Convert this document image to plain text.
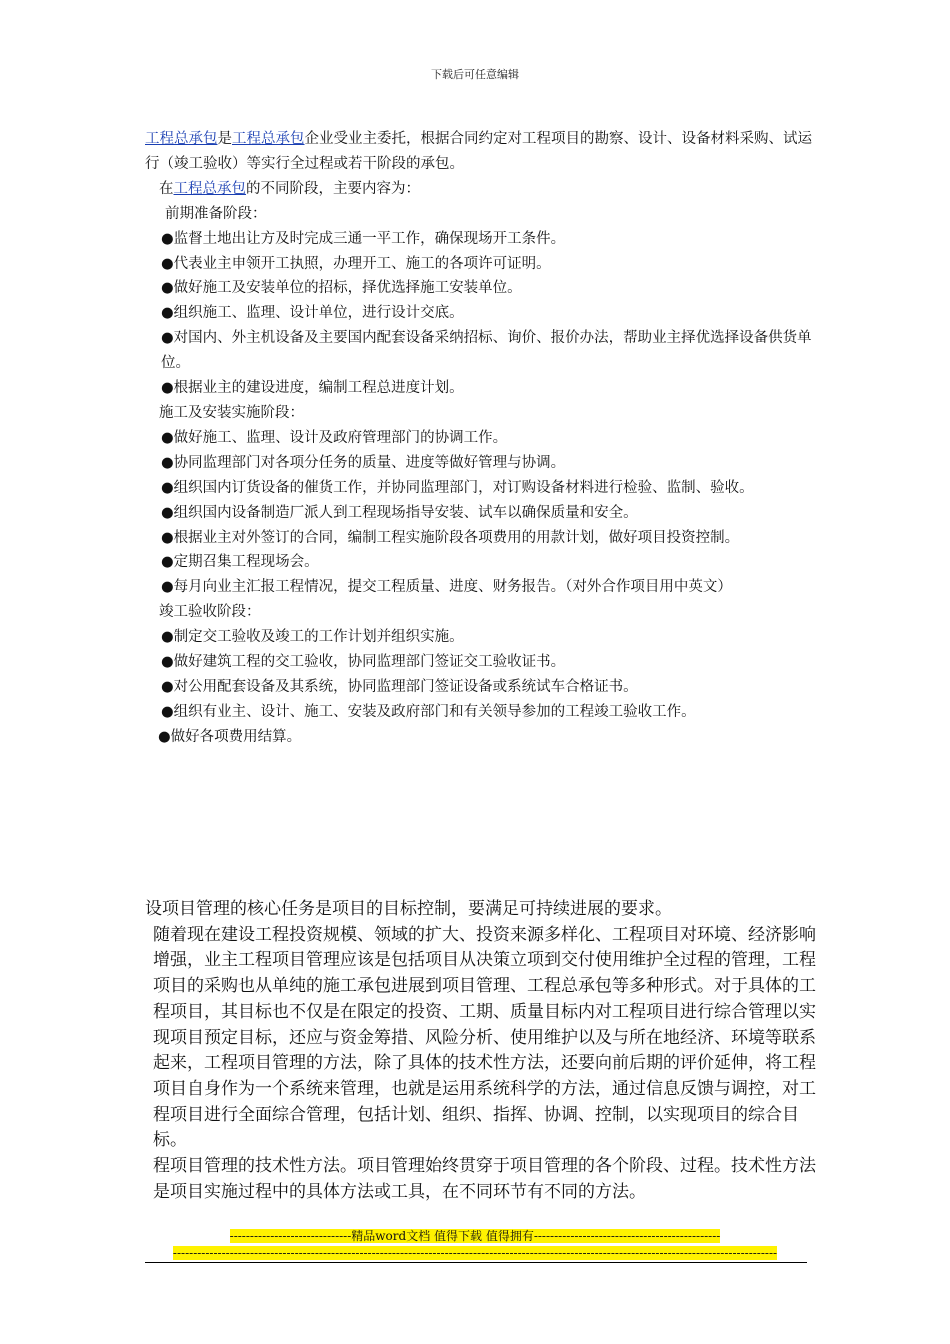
下载后可任意编辑

工程总承包是工程总承包企业受业主委托，根据合同约定对工程项目的勘察、设计、设备材料采购、试运行（竣工验收）等实行全过程或若干阶段的承包。

在工程总承包的不同阶段，主要内容为：

前期准备阶段：

●监督土地出让方及时完成三通一平工作，确保现场开工条件。

●代表业主申领开工执照，办理开工、施工的各项许可证明。

●做好施工及安装单位的招标，择优选择施工安装单位。

●组织施工、监理、设计单位，进行设计交底。

●对国内、外主机设备及主要国内配套设备采纳招标、询价、报价办法，帮助业主择优选择设备供货单位。

●根据业主的建设进度，编制工程总进度计划。

施工及安装实施阶段：

●做好施工、监理、设计及政府管理部门的协调工作。

●协同监理部门对各项分任务的质量、进度等做好管理与协调。

●组织国内订货设备的催货工作，并协同监理部门，对订购设备材料进行检验、监制、验收。

●组织国内设备制造厂派人到工程现场指导安装、试车以确保质量和安全。

●根据业主对外签订的合同，编制工程实施阶段各项费用的用款计划，做好项目投资控制。

●定期召集工程现场会。

●每月向业主汇报工程情况，提交工程质量、进度、财务报告。（对外合作项目用中英文）

竣工验收阶段：

●制定交工验收及竣工的工作计划并组织实施。

●做好建筑工程的交工验收，协同监理部门签证交工验收证书。

●对公用配套设备及其系统，协同监理部门签证设备或系统试车合格证书。

●组织有业主、设计、施工、安装及政府部门和有关领导参加的工程竣工验收工作。

●做好各项费用结算。

设项目管理的核心任务是项目的目标控制，要满足可持续进展的要求。

随着现在建设工程投资规模、领域的扩大、投资来源多样化、工程项目对环境、经济影响增强，业主工程项目管理应该是包括项目从决策立项到交付使用维护全过程的管理，工程项目的采购也从单纯的施工承包进展到项目管理、工程总承包等多种形式。对于具体的工程项目，其目标也不仅是在限定的投资、工期、质量目标内对工程项目进行综合管理以实现项目预定目标，还应与资金筹措、风险分析、使用维护以及与所在地经济、环境等联系起来，工程项目管理的方法，除了具体的技术性方法，还要向前后期的评价延伸，将工程项目自身作为一个系统来管理，也就是运用系统科学的方法，通过信息反馈与调控，对工程项目进行全面综合管理，包括计划、组织、指挥、协调、控制，以实现项目的综合目标。

程项目管理的技术性方法。项目管理始终贯穿于项目管理的各个阶段、过程。技术性方法是项目实施过程中的具体方法或工具，在不同环节有不同的方法。

------------------------------精品word文档 值得下载 值得拥有----------------------------------------------
-----------------------------------------------------------------------------------------------------------------------------------------------------
